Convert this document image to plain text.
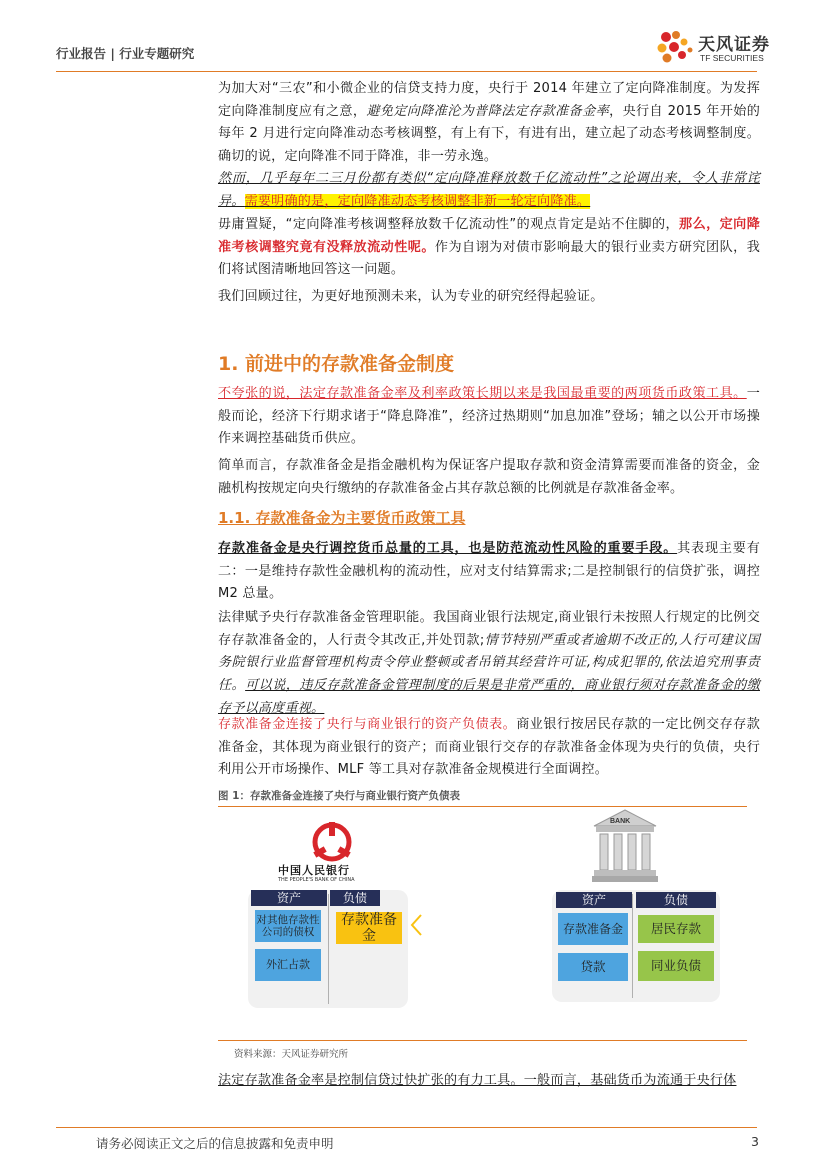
行业报告 | 行业专题研究	天风证券
TF SECURITIES

为加大对“三农”和小微企业的信贷支持力度，央行于 2014 年建立了定向降准制度。为发挥定向降准制度应有之意，避免定向降准沦为普降法定存款准备金率，央行自 2015 年开始的每年 2 月进行定向降准动态考核调整，有上有下，有进有出，建立起了动态考核调整制度。确切的说，定向降准不同于降准，非一劳永逸。

然而，几乎每年二三月份都有类似“定向降准释放数千亿流动性”之论调出来，令人非常诧异。需要明确的是，定向降准动态考核调整非新一轮定向降准。

毋庸置疑，“定向降准考核调整释放数千亿流动性”的观点肯定是站不住脚的，那么，定向降准考核调整究竟有没释放流动性呢。作为自诩为对债市影响最大的银行业卖方研究团队，我们将试图清晰地回答这一问题。

我们回顾过往，为更好地预测未来，认为专业的研究经得起验证。

1. 前进中的存款准备金制度

不夸张的说，法定存款准备金率及利率政策长期以来是我国最重要的两项货币政策工具。一般而论，经济下行期求诸于“降息降准”，经济过热期则“加息加准”登场；辅之以公开市场操作来调控基础货币供应。

简单而言，存款准备金是指金融机构为保证客户提取存款和资金清算需要而准备的资金，金融机构按规定向央行缴纳的存款准备金占其存款总额的比例就是存款准备金率。

1.1. 存款准备金为主要货币政策工具

存款准备金是央行调控货币总量的工具，也是防范流动性风险的重要手段。其表现主要有二：一是维持存款性金融机构的流动性，应对支付结算需求;二是控制银行的信贷扩张，调控 M2 总量。

法律赋予央行存款准备金管理职能。我国商业银行法规定,商业银行未按照人行规定的比例交存存款准备金的，人行责令其改正,并处罚款;情节特别严重或者逾期不改正的,人行可建议国务院银行业监督管理机构责令停业整顿或者吊销其经营许可证,构成犯罪的,依法追究刑事责任。可以说，违反存款准备金管理制度的后果是非常严重的，商业银行须对存款准备金的缴存予以高度重视。

存款准备金连接了央行与商业银行的资产负债表。商业银行按居民存款的一定比例交存存款准备金，其体现为商业银行的资产；而商业银行交存的存款准备金体现为央行的负债，央行利用公开市场操作、MLF 等工具对存款准备金规模进行全面调控。

图 1：存款准备金连接了央行与商业银行资产负债表
中国人民银行
THE PEOPLE'S BANK OF CHINA
资产	负债
对其他存款性公司的债权
外汇占款
存款准备金
BANK
资产	负债
存款准备金
贷款
居民存款
同业负债
资料来源：天风证券研究所

法定存款准备金率是控制信贷过快扩张的有力工具。一般而言，基础货币为流通于央行体

请务必阅读正文之后的信息披露和免责申明	3
